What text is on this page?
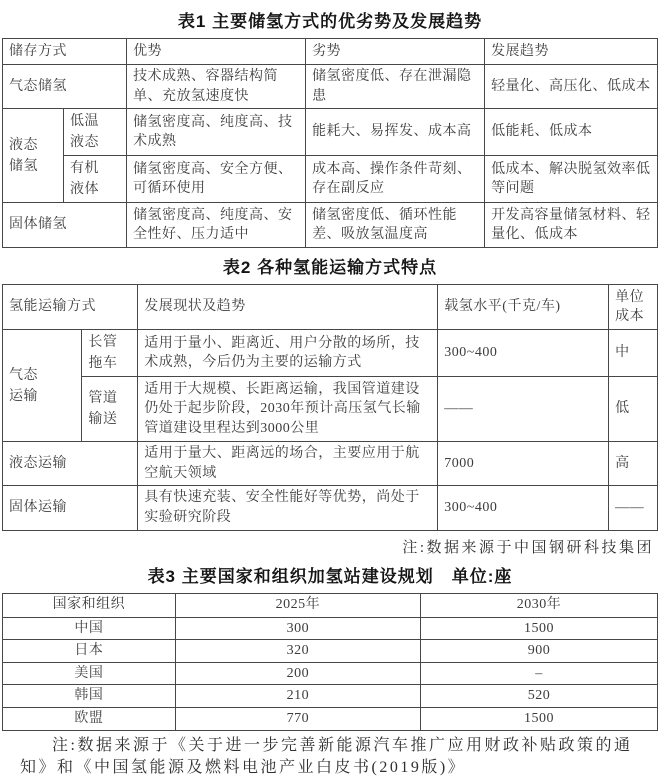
表1 主要储氢方式的优劣势及发展趋势
储存方式		优势	劣势	发展趋势
气态储氢		技术成熟、容器结构简单、充放氢速度快	储氢密度低、存在泄漏隐患	轻量化、高压化、低成本
液态储氢	低温液态	储氢密度高、纯度高、技术成熟	能耗大、易挥发、成本高	低能耗、低成本
	有机液体	储氢密度高、安全方便、可循环使用	成本高、操作条件苛刻、存在副反应	低成本、解决脱氢效率低等问题
固体储氢		储氢密度高、纯度高、安全性好、压力适中	储氢密度低、循环性能差、吸放氢温度高	开发高容量储氢材料、轻量化、低成本
表2 各种氢能运输方式特点
氢能运输方式		发展现状及趋势	载氢水平(千克/车)	单位成本
气态运输	长管拖车	适用于量小、距离近、用户分散的场所，技术成熟，今后仍为主要的运输方式	300~400	中
	管道输送	适用于大规模、长距离运输，我国管道建设仍处于起步阶段，2030年预计高压氢气长输管道建设里程达到3000公里	——	低
液态运输		适用于量大、距离远的场合，主要应用于航空航天领域	7000	高
固体运输		具有快速充装、安全性能好等优势，尚处于实验研究阶段	300~400	——
注:数据来源于中国钢研科技集团
表3 主要国家和组织加氢站建设规划 单位:座
国家和组织	2025年	2030年
中国	300	1500
日本	320	900
美国	200	–
韩国	210	520
欧盟	770	1500
注:数据来源于《关于进一步完善新能源汽车推广应用财政补贴政策的通知》和《中国氢能源及燃料电池产业白皮书(2019版)》
